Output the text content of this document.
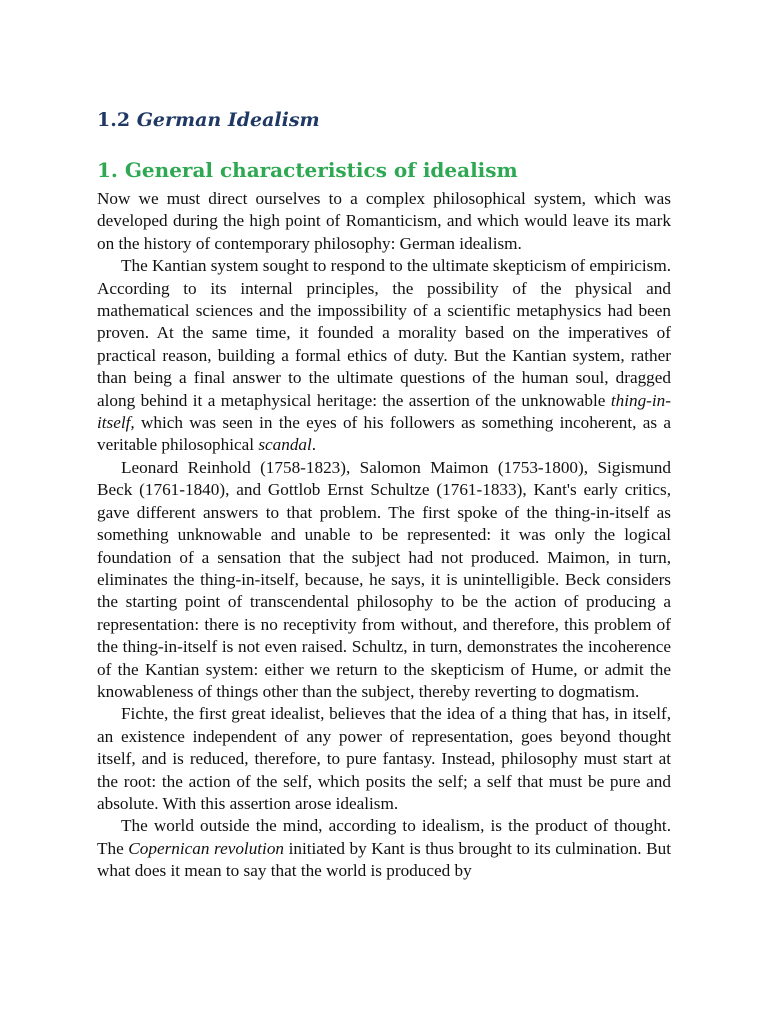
1.2 German Idealism
1. General characteristics of idealism

Now we must direct ourselves to a complex philosophical system, which was developed during the high point of Romanticism, and which would leave its mark on the history of contemporary philosophy: German idealism.

The Kantian system sought to respond to the ultimate skepticism of empiricism. According to its internal principles, the possibility of the physical and mathematical sciences and the impossibility of a scientific metaphysics had been proven. At the same time, it founded a morality based on the imperatives of practical reason, building a formal ethics of duty. But the Kantian system, rather than being a final answer to the ultimate questions of the human soul, dragged along behind it a metaphysical heritage: the assertion of the unknowable thing-in-itself, which was seen in the eyes of his followers as something incoherent, as a veritable philosophical scandal.

Leonard Reinhold (1758-1823), Salomon Maimon (1753-1800), Sigismund Beck (1761-1840), and Gottlob Ernst Schultze (1761-1833), Kant's early critics, gave different answers to that problem. The first spoke of the thing-in-itself as something unknowable and unable to be represented: it was only the logical foundation of a sensation that the subject had not produced. Maimon, in turn, eliminates the thing-in-itself, because, he says, it is unintelligible. Beck considers the starting point of transcendental philosophy to be the action of producing a representation: there is no receptivity from without, and therefore, this problem of the thing-in-itself is not even raised. Schultz, in turn, demonstrates the incoherence of the Kantian system: either we return to the skepticism of Hume, or admit the knowableness of things other than the subject, thereby reverting to dogmatism.

Fichte, the first great idealist, believes that the idea of a thing that has, in itself, an existence independent of any power of representation, goes beyond thought itself, and is reduced, therefore, to pure fantasy. Instead, philosophy must start at the root: the action of the self, which posits the self; a self that must be pure and absolute. With this assertion arose idealism.

The world outside the mind, according to idealism, is the product of thought. The Copernican revolution initiated by Kant is thus brought to its culmination. But what does it mean to say that the world is produced by
